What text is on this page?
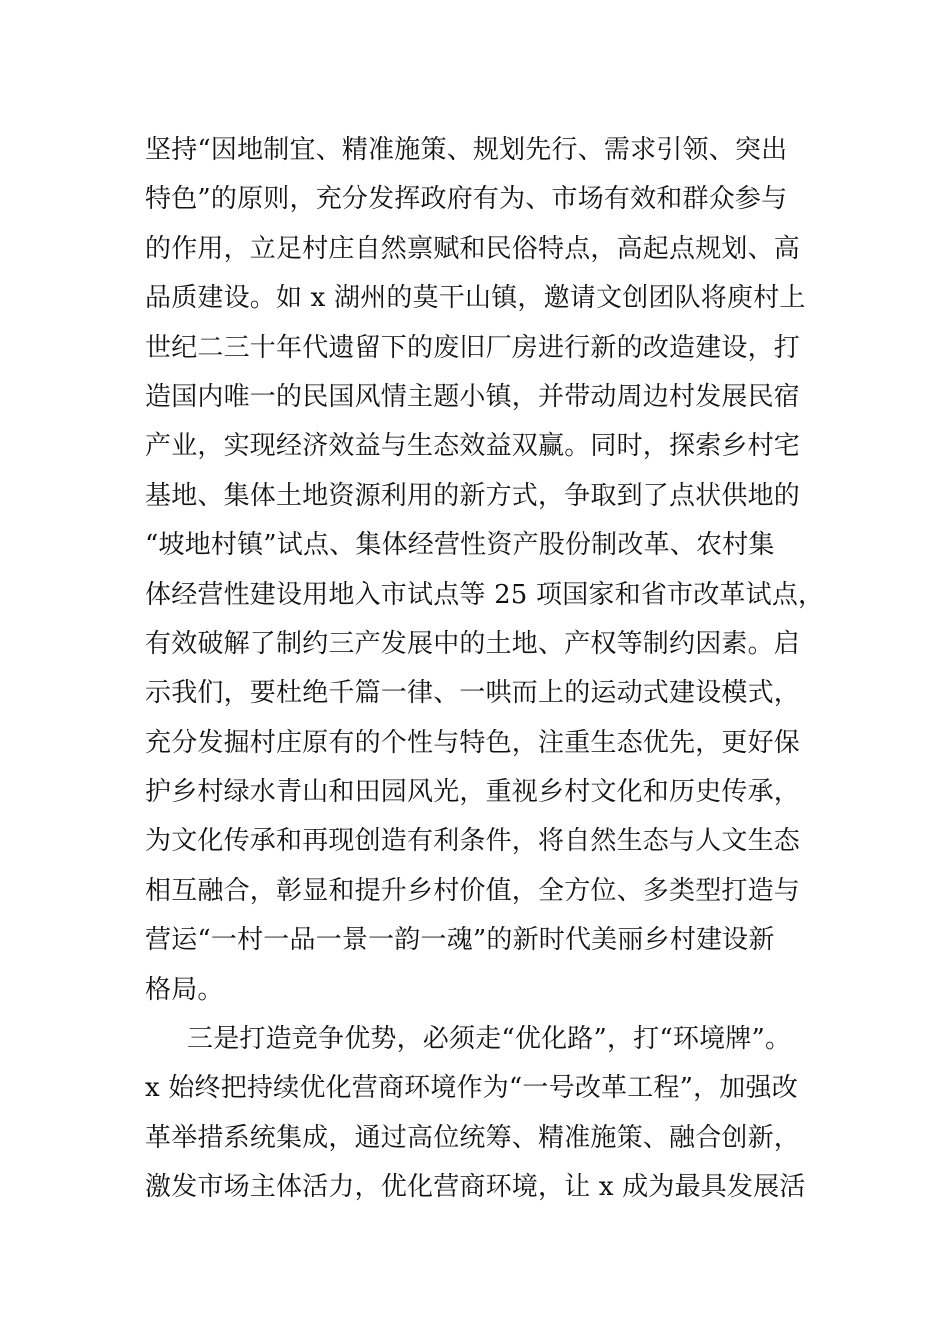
坚持“因地制宜、精准施策、规划先行、需求引领、突出
特色”的原则，充分发挥政府有为、市场有效和群众参与
的作用，立足村庄自然禀赋和民俗特点，高起点规划、高
品质建设。如 x 湖州的莫干山镇，邀请文创团队将庾村上
世纪二三十年代遗留下的废旧厂房进行新的改造建设，打
造国内唯一的民国风情主题小镇，并带动周边村发展民宿
产业，实现经济效益与生态效益双赢。同时，探索乡村宅
基地、集体土地资源利用的新方式，争取到了点状供地的
“坡地村镇”试点、集体经营性资产股份制改革、农村集
体经营性建设用地入市试点等 25 项国家和省市改革试点，
有效破解了制约三产发展中的土地、产权等制约因素。启
示我们，要杜绝千篇一律、一哄而上的运动式建设模式，
充分发掘村庄原有的个性与特色，注重生态优先，更好保
护乡村绿水青山和田园风光，重视乡村文化和历史传承，
为文化传承和再现创造有利条件，将自然生态与人文生态
相互融合，彰显和提升乡村价值，全方位、多类型打造与
营运“一村一品一景一韵一魂”的新时代美丽乡村建设新
格局。
三是打造竞争优势，必须走“优化路”，打“环境牌”。
x 始终把持续优化营商环境作为“一号改革工程”，加强改
革举措系统集成，通过高位统筹、精准施策、融合创新，
激发市场主体活力，优化营商环境，让 x 成为最具发展活
